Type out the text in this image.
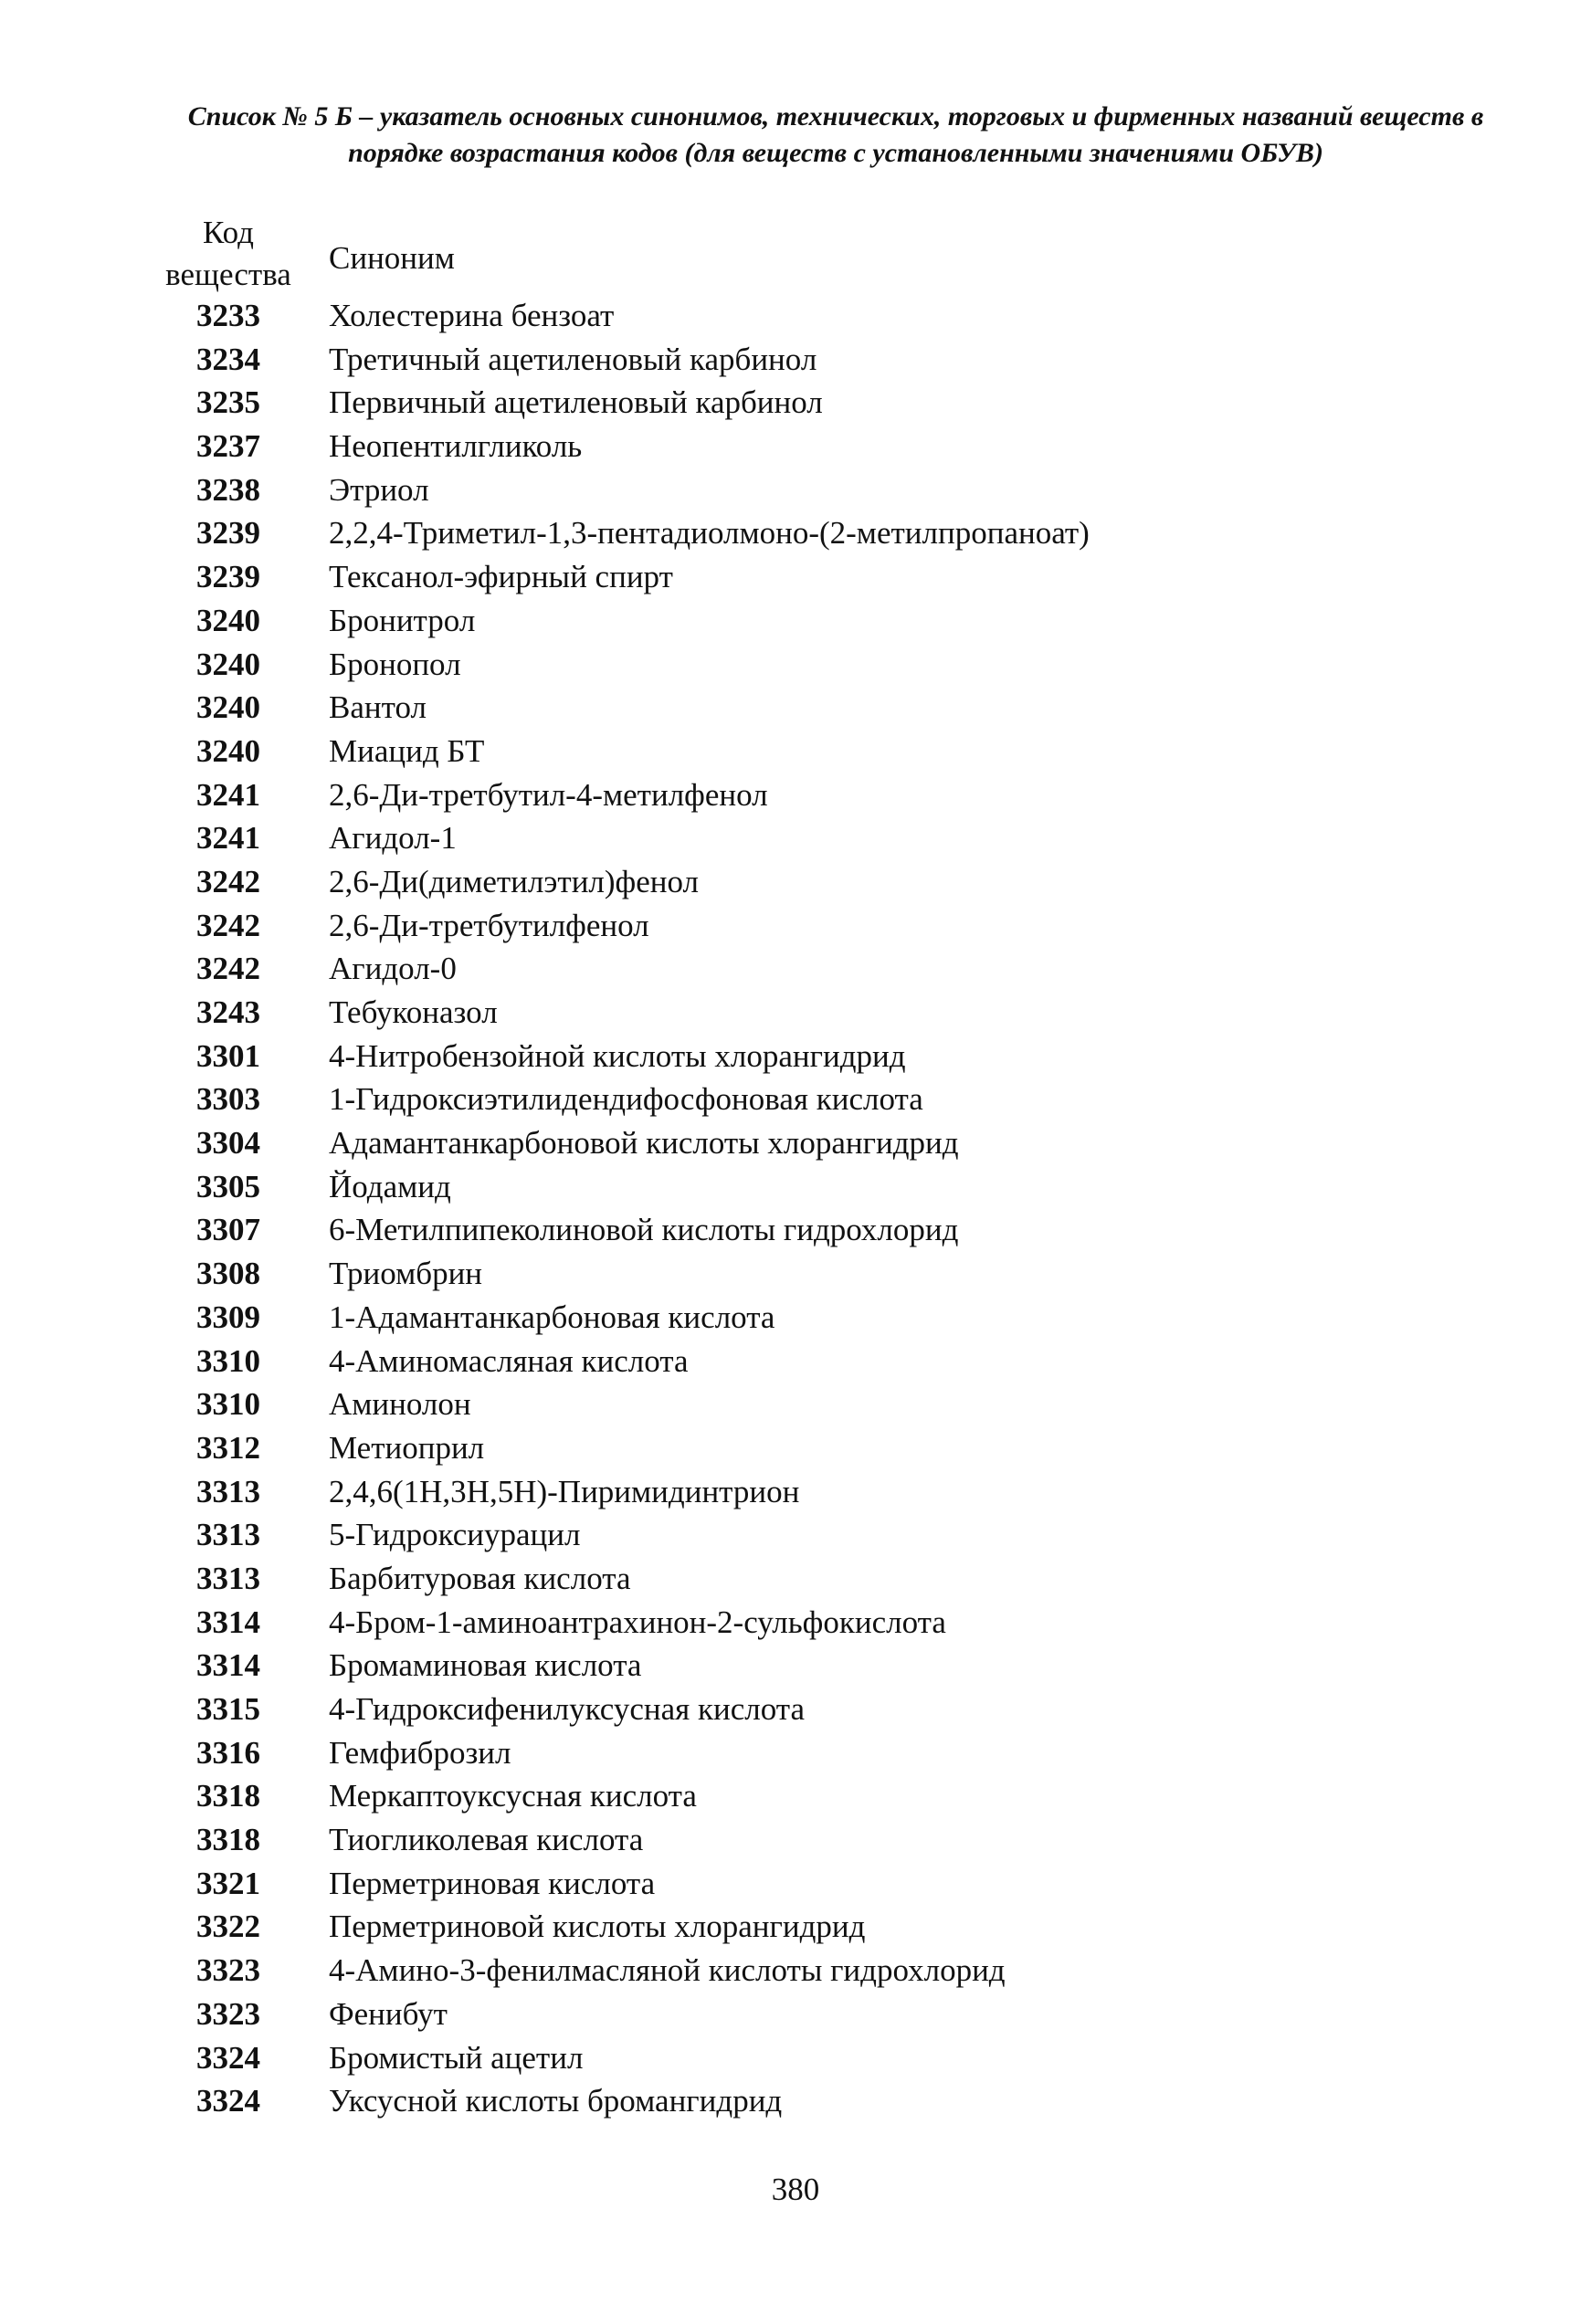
Список № 5 Б – указатель основных синонимов, технических, торговых и фирменных названий веществ в
порядке возрастания кодов (для веществ с установленными значениями ОБУВ)
Код
вещества	Синоним
3233	Холестерина бензоат
3234	Третичный ацетиленовый карбинол
3235	Первичный ацетиленовый карбинол
3237	Неопентилгликоль
3238	Этриол
3239	2,2,4-Триметил-1,3-пентадиолмоно-(2-метилпропаноат)
3239	Тексанол-эфирный спирт
3240	Бронитрол
3240	Бронопол
3240	Вантол
3240	Миацид БТ
3241	2,6-Ди-третбутил-4-метилфенол
3241	Агидол-1
3242	2,6-Ди(диметилэтил)фенол
3242	2,6-Ди-третбутилфенол
3242	Агидол-0
3243	Тебуконазол
3301	4-Нитробензойной кислоты хлорангидрид
3303	1-Гидроксиэтилидендифосфоновая кислота
3304	Адамантанкарбоновой кислоты хлорангидрид
3305	Йодамид
3307	6-Метилпипеколиновой кислоты гидрохлорид
3308	Триомбрин
3309	1-Адамантанкарбоновая кислота
3310	4-Аминомасляная кислота
3310	Аминолон
3312	Метиоприл
3313	2,4,6(1H,3H,5H)-Пиримидинтрион
3313	5-Гидроксиурацил
3313	Барбитуровая кислота
3314	4-Бром-1-аминоантрахинон-2-сульфокислота
3314	Бромаминовая кислота
3315	4-Гидроксифенилуксусная кислота
3316	Гемфиброзил
3318	Меркаптоуксусная кислота
3318	Тиогликолевая кислота
3321	Перметриновая кислота
3322	Перметриновой кислоты хлорангидрид
3323	4-Амино-3-фенилмасляной кислоты гидрохлорид
3323	Фенибут
3324	Бромистый ацетил
3324	Уксусной кислоты бромангидрид
380
